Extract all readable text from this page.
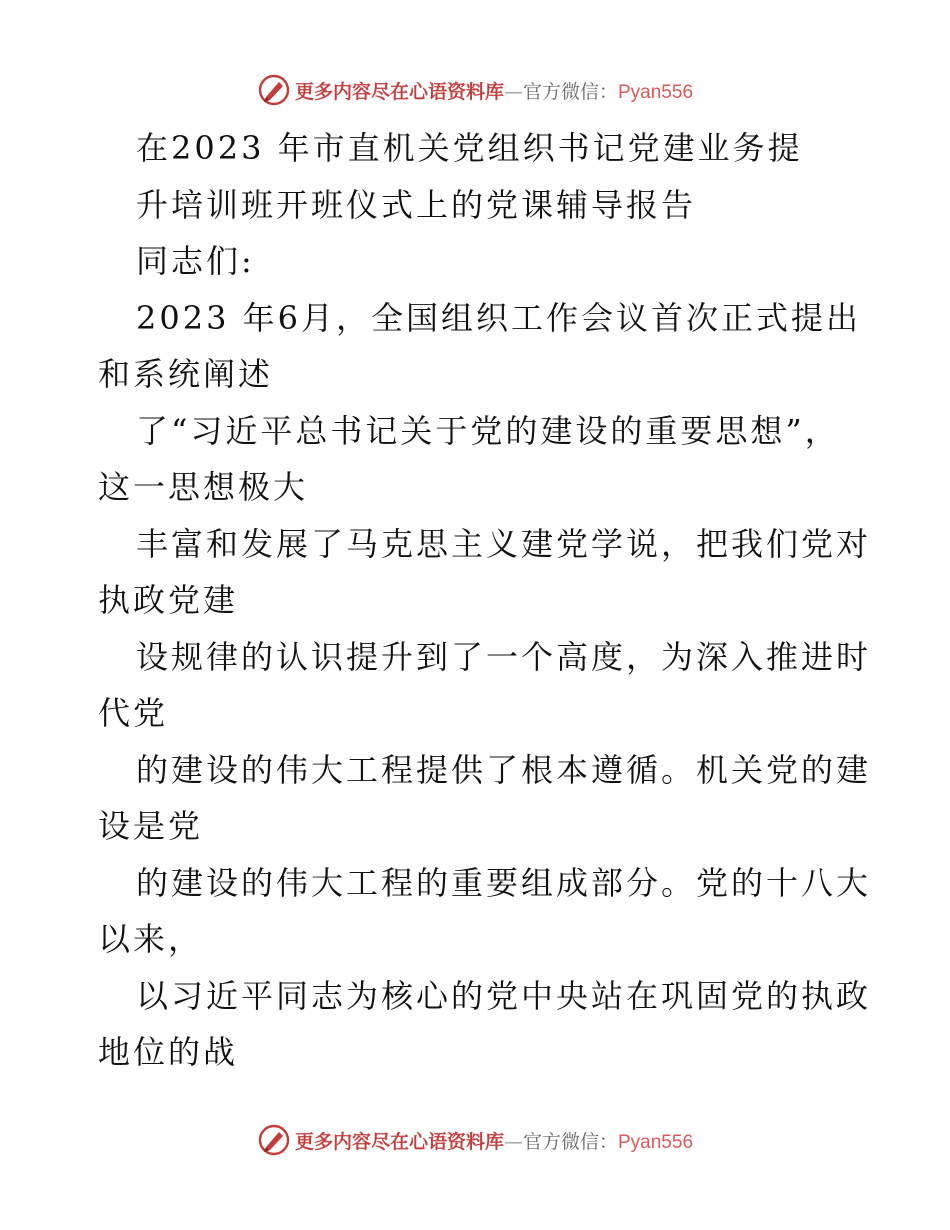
更多内容尽在心语资料库—官方微信：Pyan556
在2023 年市直机关党组织书记党建业务提
升培训班开班仪式上的党课辅导报告
同志们:
2023 年6月，全国组织工作会议首次正式提出
和系统阐述
了“习近平总书记关于党的建设的重要思想”，
这一思想极大
丰富和发展了马克思主义建党学说，把我们党对
执政党建
设规律的认识提升到了一个高度，为深入推进时
代党
的建设的伟大工程提供了根本遵循。机关党的建
设是党
的建设的伟大工程的重要组成部分。党的十八大
以来，
以习近平同志为核心的党中央站在巩固党的执政
地位的战
更多内容尽在心语资料库—官方微信：Pyan556
